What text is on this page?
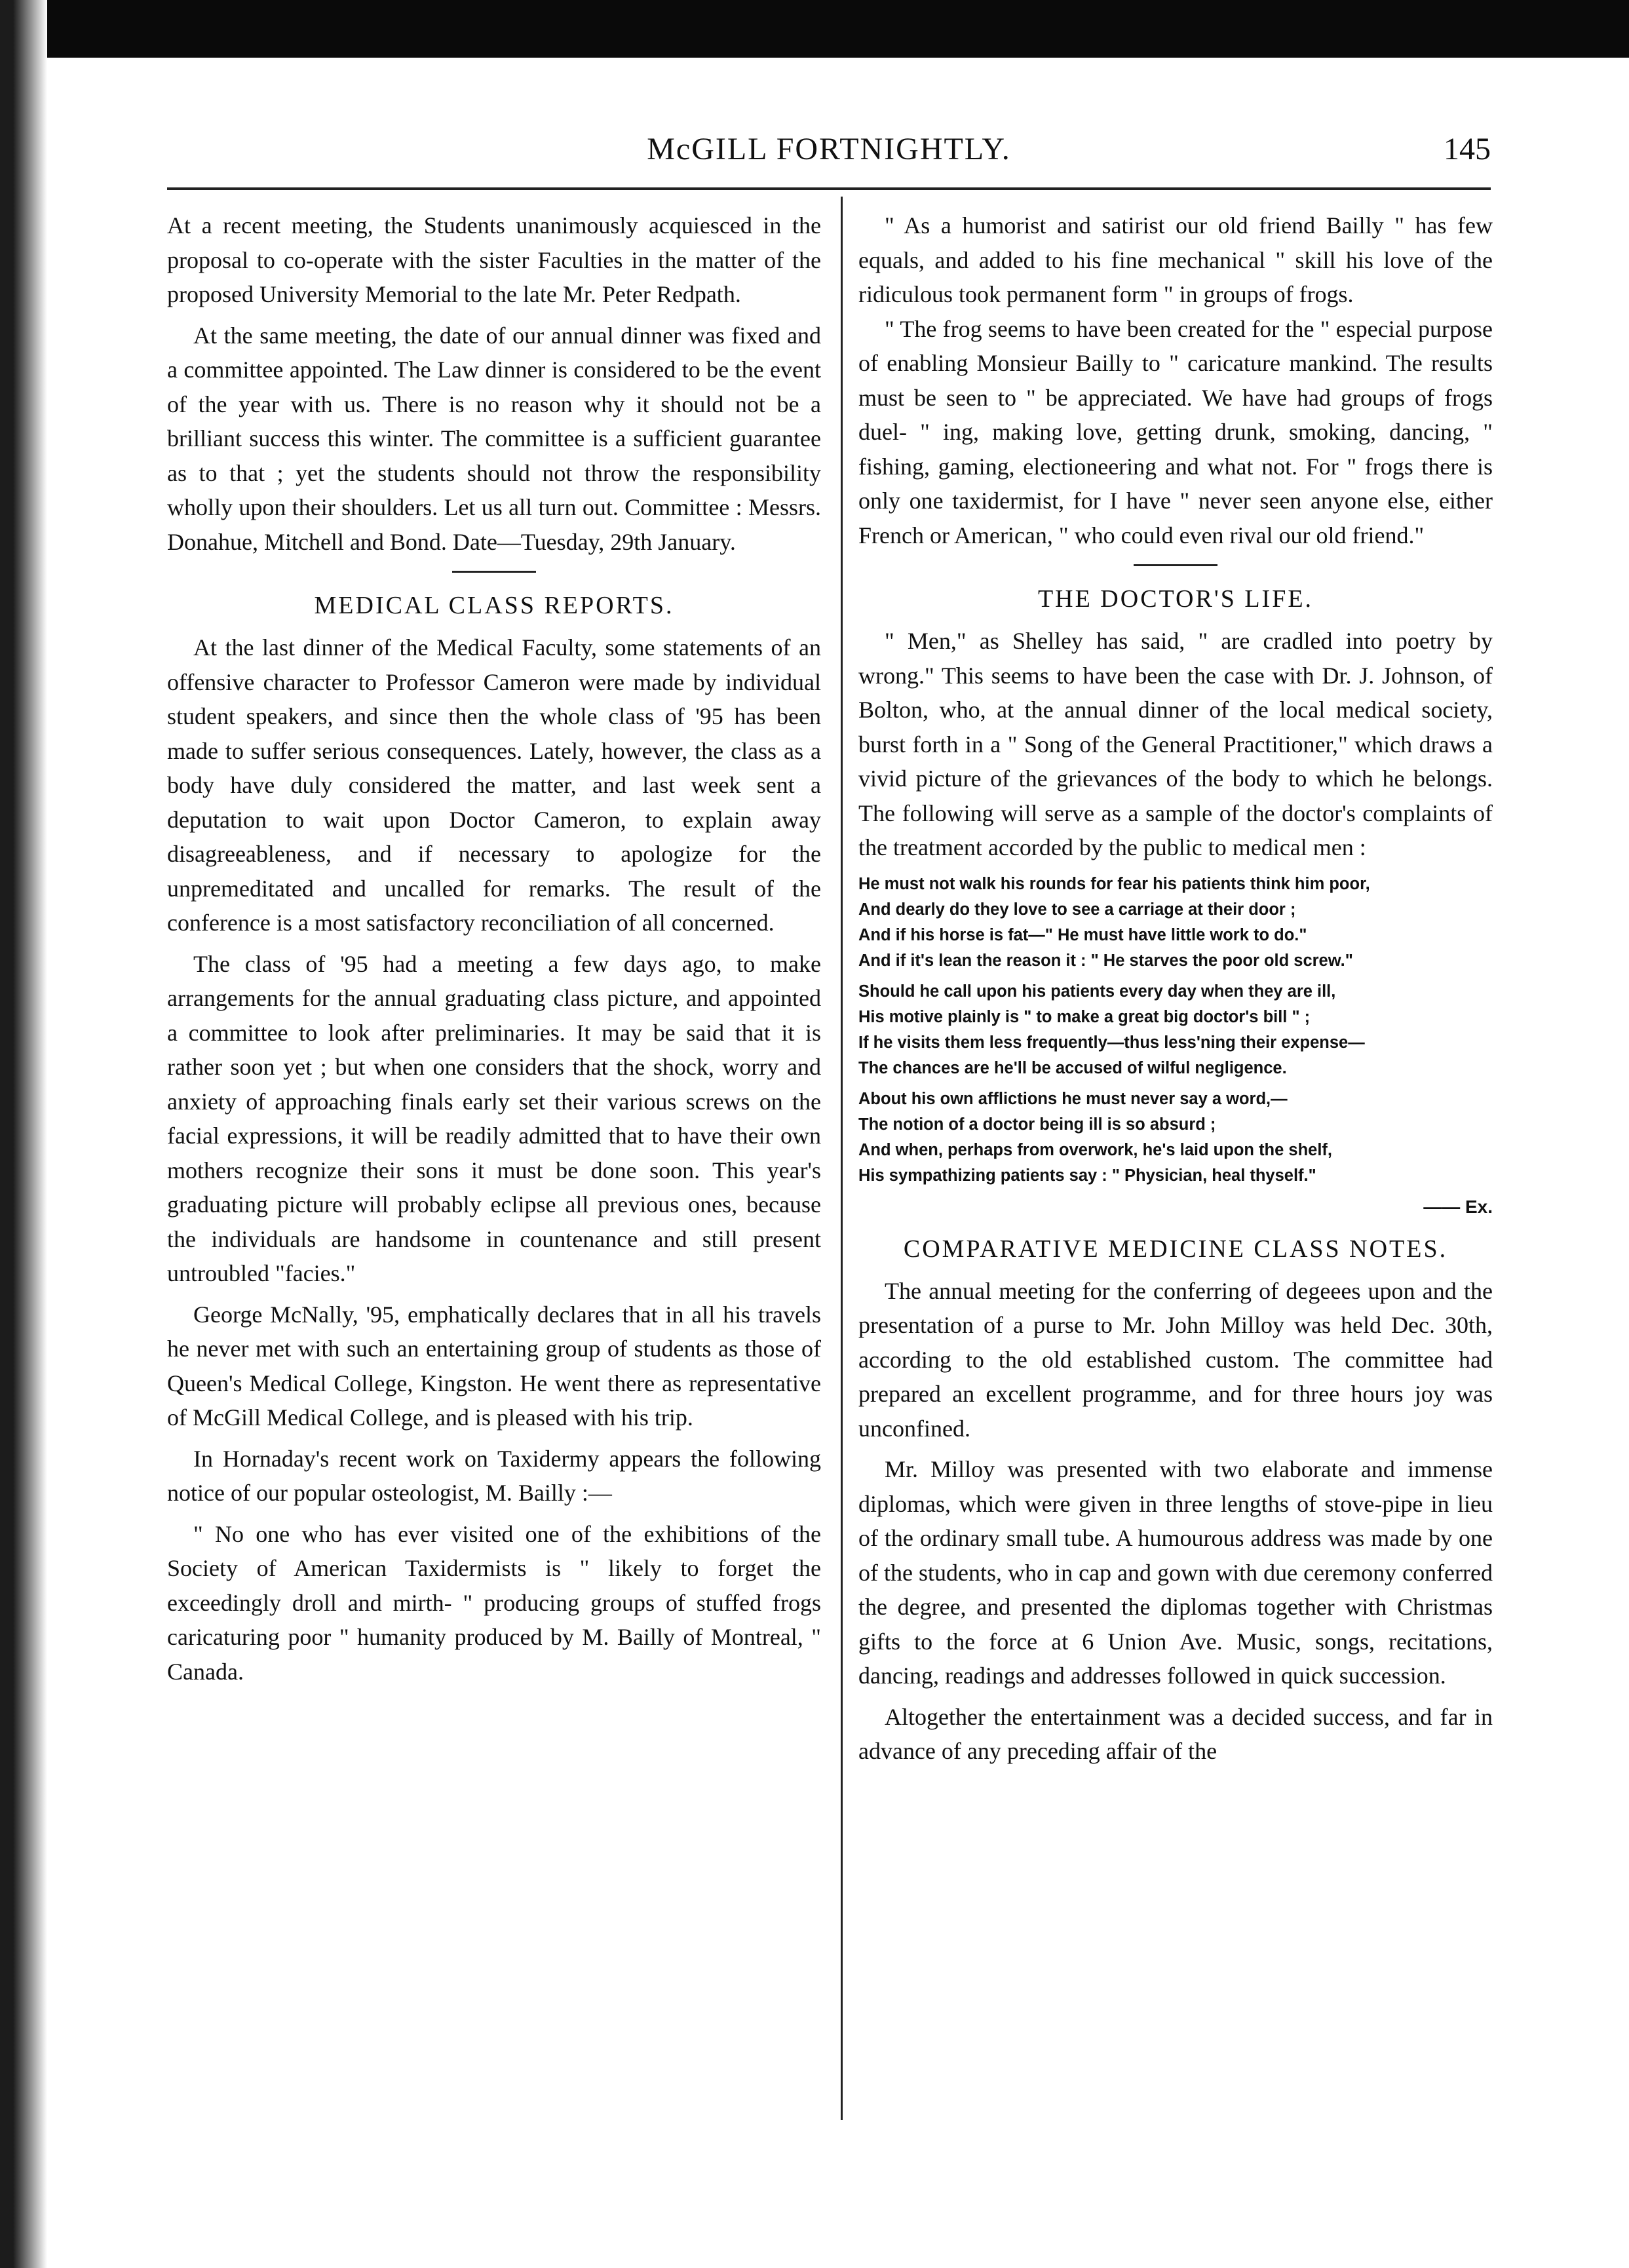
McGILL FORTNIGHTLY.	145

At a recent meeting, the Students unanimously acquiesced in the proposal to co-operate with the sister Faculties in the matter of the proposed University Memorial to the late Mr. Peter Redpath.

At the same meeting, the date of our annual dinner was fixed and a committee appointed. The Law dinner is considered to be the event of the year with us. There is no reason why it should not be a brilliant success this winter. The committee is a sufficient guarantee as to that ; yet the students should not throw the responsibility wholly upon their shoulders. Let us all turn out. Committee : Messrs. Donahue, Mitchell and Bond. Date—Tuesday, 29th January.

MEDICAL CLASS REPORTS.

At the last dinner of the Medical Faculty, some statements of an offensive character to Professor Cameron were made by individual student speakers, and since then the whole class of '95 has been made to suffer serious consequences. Lately, however, the class as a body have duly considered the matter, and last week sent a deputation to wait upon Doctor Cameron, to explain away disagreeableness, and if necessary to apologize for the unpremeditated and uncalled for remarks. The result of the conference is a most satisfactory reconciliation of all concerned.

The class of '95 had a meeting a few days ago, to make arrangements for the annual graduating class picture, and appointed a committee to look after preliminaries. It may be said that it is rather soon yet ; but when one considers that the shock, worry and anxiety of approaching finals early set their various screws on the facial expressions, it will be readily admitted that to have their own mothers recognize their sons it must be done soon. This year's graduating picture will probably eclipse all previous ones, because the individuals are handsome in countenance and still present untroubled "facies."

George McNally, '95, emphatically declares that in all his travels he never met with such an entertaining group of students as those of Queen's Medical College, Kingston. He went there as representative of McGill Medical College, and is pleased with his trip.

In Hornaday's recent work on Taxidermy appears the following notice of our popular osteologist, M. Bailly :—

" No one who has ever visited one of the exhibitions of the Society of American Taxidermists is " likely to forget the exceedingly droll and mirth- " producing groups of stuffed frogs caricaturing poor " humanity produced by M. Bailly of Montreal, " Canada.

" As a humorist and satirist our old friend Bailly " has few equals, and added to his fine mechanical " skill his love of the ridiculous took permanent form " in groups of frogs.

" The frog seems to have been created for the " especial purpose of enabling Monsieur Bailly to " caricature mankind. The results must be seen to " be appreciated. We have had groups of frogs duel- " ing, making love, getting drunk, smoking, dancing, " fishing, gaming, electioneering and what not. For " frogs there is only one taxidermist, for I have " never seen anyone else, either French or American, " who could even rival our old friend."

THE DOCTOR'S LIFE.

" Men," as Shelley has said, " are cradled into poetry by wrong." This seems to have been the case with Dr. J. Johnson, of Bolton, who, at the annual dinner of the local medical society, burst forth in a " Song of the General Practitioner," which draws a vivid picture of the grievances of the body to which he belongs. The following will serve as a sample of the doctor's complaints of the treatment accorded by the public to medical men :

He must not walk his rounds for fear his patients think him poor,
And dearly do they love to see a carriage at their door ;
And if his horse is fat—" He must have little work to do."
And if it's lean the reason it : " He starves the poor old screw."
Should he call upon his patients every day when they are ill,
His motive plainly is " to make a great big doctor's bill " ;
If he visits them less frequently—thus less'ning their expense—
The chances are he'll be accused of wilful negligence.
About his own afflictions he must never say a word,—
The notion of a doctor being ill is so absurd ;
And when, perhaps from overwork, he's laid upon the shelf,
His sympathizing patients say : " Physician, heal thyself."
—— Ex.
COMPARATIVE MEDICINE CLASS NOTES.

The annual meeting for the conferring of degeees upon and the presentation of a purse to Mr. John Milloy was held Dec. 30th, according to the old established custom. The committee had prepared an excellent programme, and for three hours joy was unconfined.

Mr. Milloy was presented with two elaborate and immense diplomas, which were given in three lengths of stove-pipe in lieu of the ordinary small tube. A humourous address was made by one of the students, who in cap and gown with due ceremony conferred the degree, and presented the diplomas together with Christmas gifts to the force at 6 Union Ave. Music, songs, recitations, dancing, readings and addresses followed in quick succession.

Altogether the entertainment was a decided success, and far in advance of any preceding affair of the
